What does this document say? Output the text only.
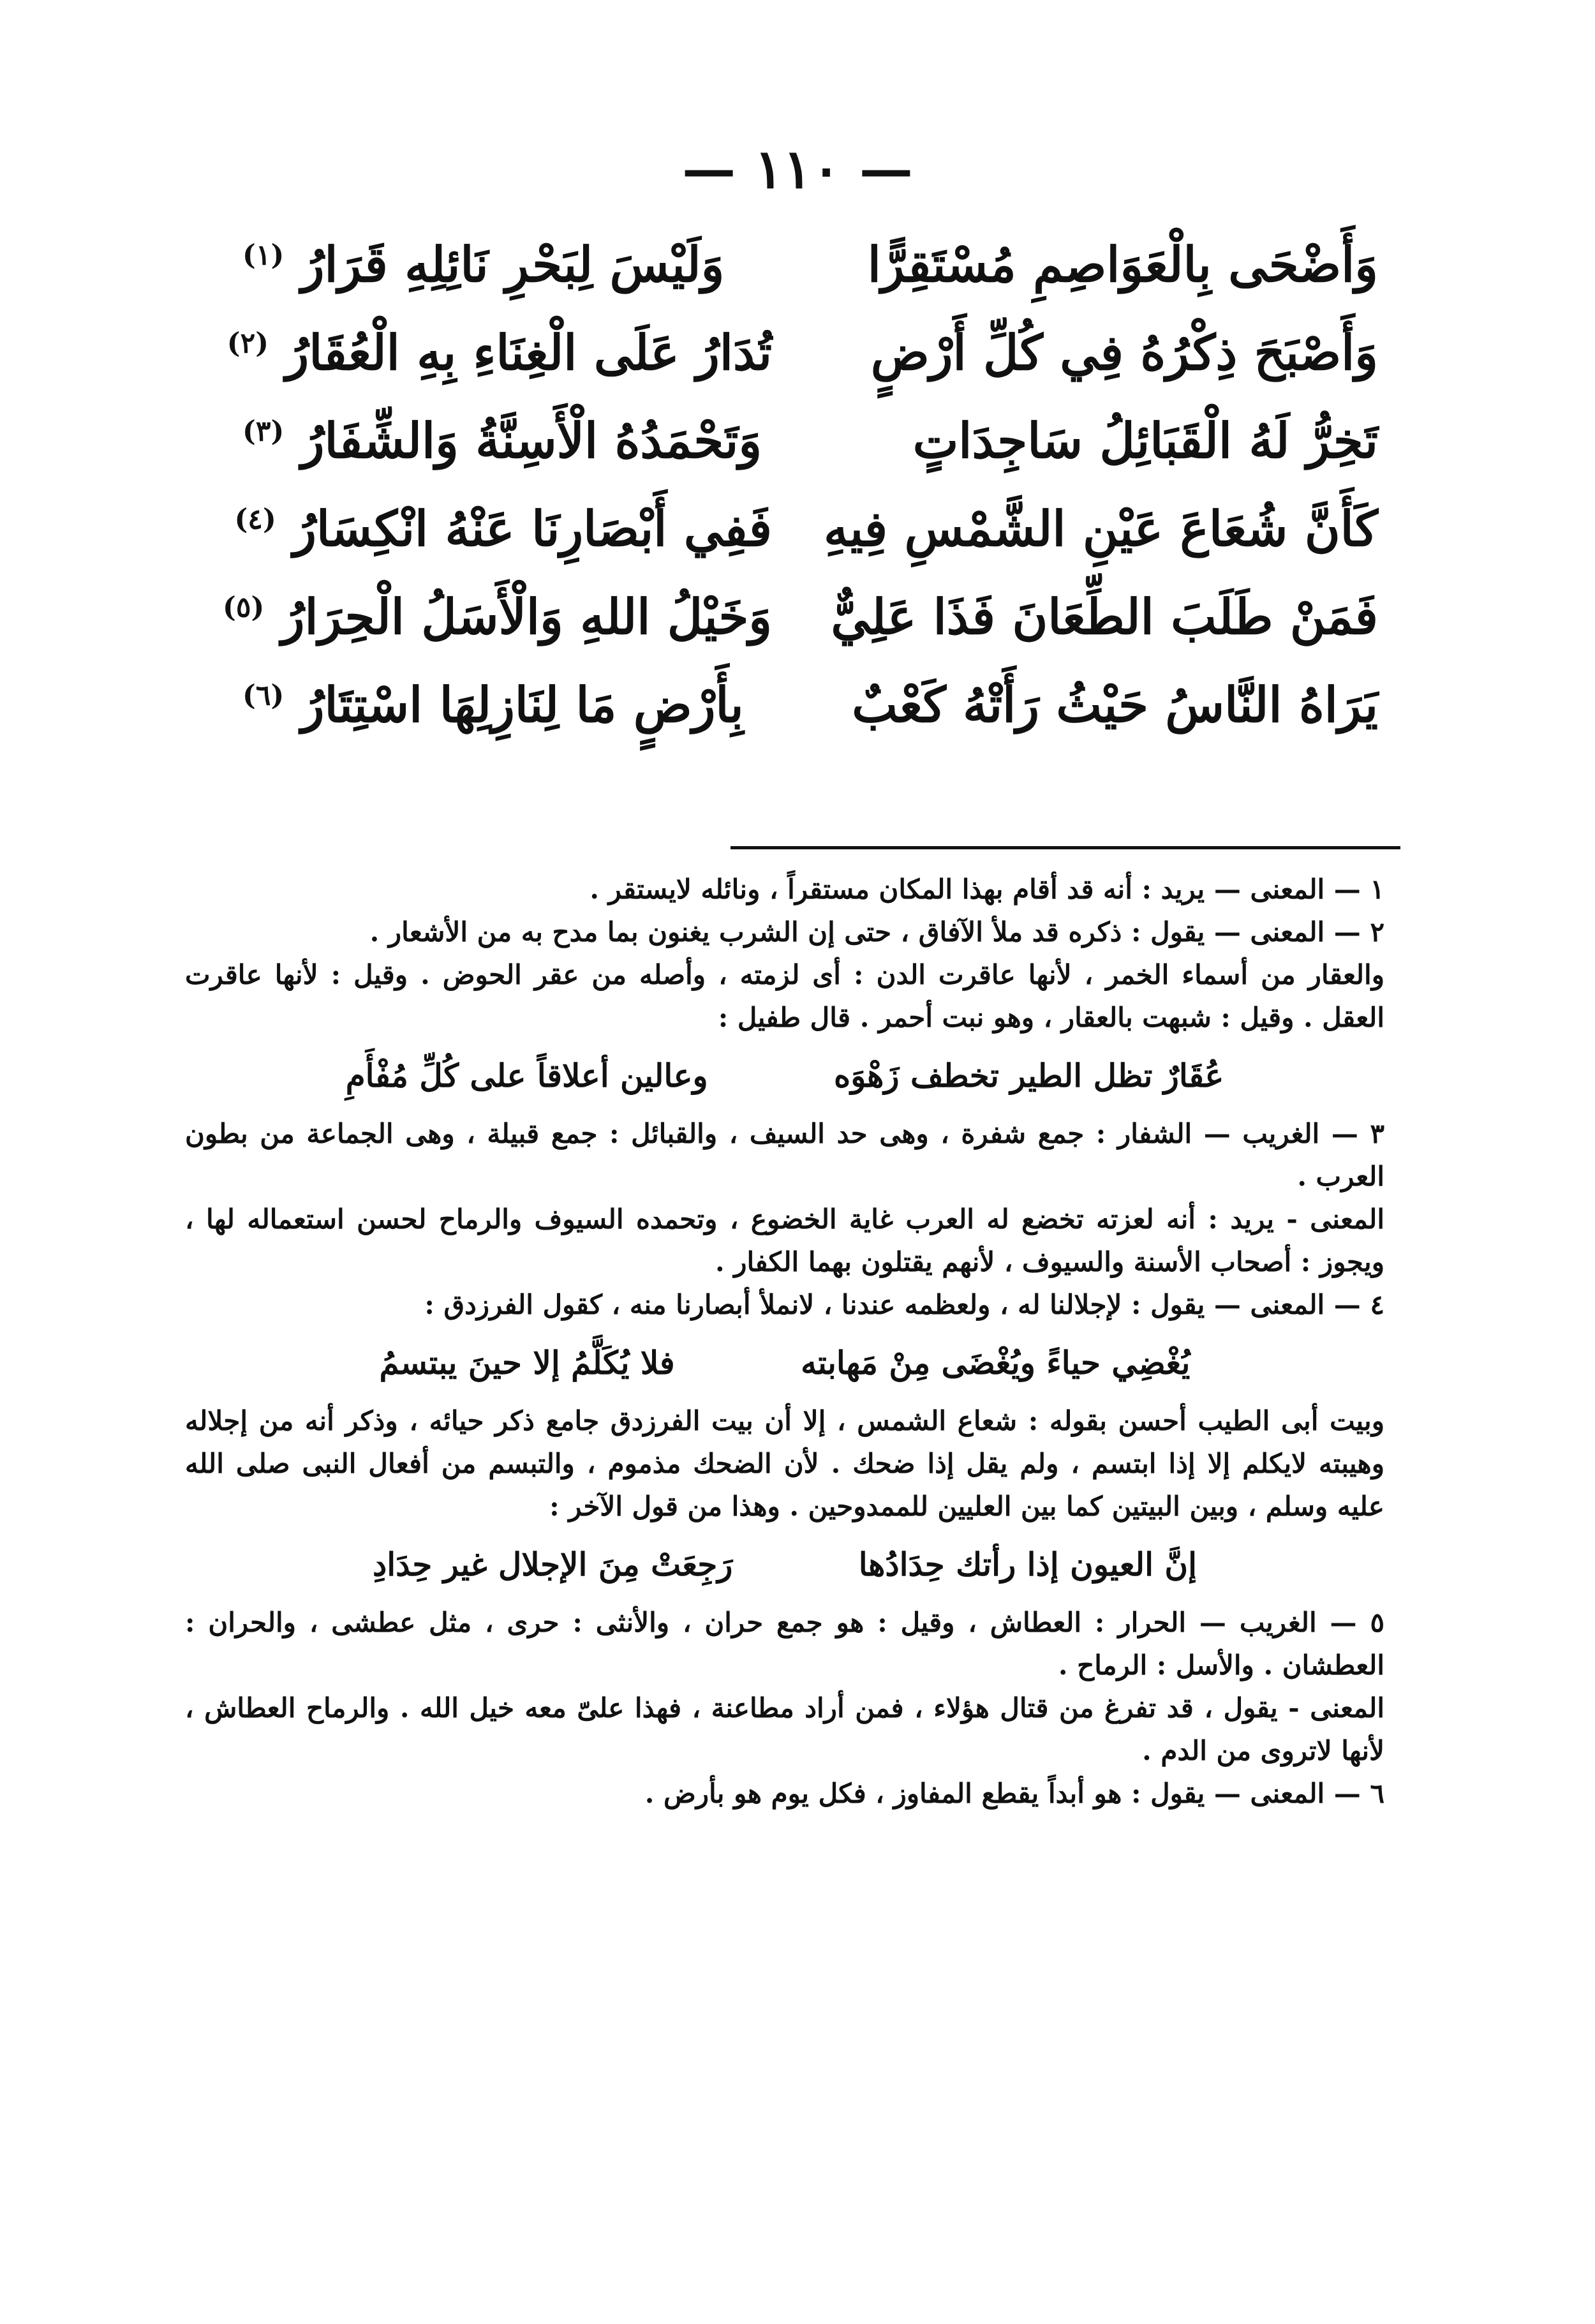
— ١١٠ —
وَأَضْحَى بِالْعَوَاصِمِ مُسْتَقِرًّا
وَلَيْسَ لِبَحْرِ نَائِلِهِ قَرَارُ $^{(١)}$
وَأَصْبَحَ ذِكْرُهُ فِي كُلِّ أَرْضٍ
تُدَارُ عَلَى الْغِنَاءِ بِهِ الْعُقَارُ $^{(٢)}$
تَخِرُّ لَهُ الْقَبَائِلُ سَاجِدَاتٍ
وَتَحْمَدُهُ الْأَسِنَّةُ وَالشِّفَارُ $^{(٣)}$
كَأَنَّ شُعَاعَ عَيْنِ الشَّمْسِ فِيهِ
فَفِي أَبْصَارِنَا عَنْهُ انْكِسَارُ $^{(٤)}$
فَمَنْ طَلَبَ الطِّعَانَ فَذَا عَلِيٌّ
وَخَيْلُ اللهِ وَالْأَسَلُ الْحِرَارُ $^{(٥)}$
يَرَاهُ النَّاسُ حَيْثُ رَأَتْهُ كَعْبٌ
بِأَرْضٍ مَا لِنَازِلِهَا اسْتِتَارُ $^{(٦)}$

١ — المعنى — يريد : أنه قد أقام بهذا المكان مستقراً ، ونائله لايستقر .

٢ — المعنى — يقول : ذكره قد ملأ الآفاق ، حتى إن الشرب يغنون بما مدح به من الأشعار .

والعقار من أسماء الخمر ، لأنها عاقرت الدن : أى لزمته ، وأصله من عقر الحوض . وقيل : لأنها عاقرت العقل . وقيل : شبهت بالعقار ، وهو نبت أحمر . قال طفيل :

عُقَارٌ تظل الطير تخطف زَهْوَه وعالين أعلاقاً على كُلِّ مُفْأَمِ

٣ — الغريب — الشفار : جمع شفرة ، وهى حد السيف ، والقبائل : جمع قبيلة ، وهى الجماعة من بطون العرب .

المعنى - يريد : أنه لعزته تخضع له العرب غاية الخضوع ، وتحمده السيوف والرماح لحسن استعماله لها ، ويجوز : أصحاب الأسنة والسيوف ، لأنهم يقتلون بهما الكفار .

٤ — المعنى — يقول : لإجلالنا له ، ولعظمه عندنا ، لانملأ أبصارنا منه ، كقول الفرزدق :

يُغْضِي حياءً ويُغْضَى مِنْ مَهابته فلا يُكَلَّمُ إلا حينَ يبتسمُ

وبيت أبى الطيب أحسن بقوله : شعاع الشمس ، إلا أن بيت الفرزدق جامع ذكر حيائه ، وذكر أنه من إجلاله وهيبته لايكلم إلا إذا ابتسم ، ولم يقل إذا ضحك . لأن الضحك مذموم ، والتبسم من أفعال النبى صلى الله عليه وسلم ، وبين البيتين كما بين العليين للممدوحين . وهذا من قول الآخر :

إنَّ العيون إذا رأتك حِدَادُها رَجِعَتْ مِنَ الإجلال غير حِدَادِ

٥ — الغريب — الحرار : العطاش ، وقيل : هو جمع حران ، والأنثى : حرى ، مثل عطشى ، والحران : العطشان . والأسل : الرماح .

المعنى - يقول ، قد تفرغ من قتال هؤلاء ، فمن أراد مطاعنة ، فهذا علىّ معه خيل الله . والرماح العطاش ، لأنها لاتروى من الدم .

٦ — المعنى — يقول : هو أبداً يقطع المفاوز ، فكل يوم هو بأرض .
